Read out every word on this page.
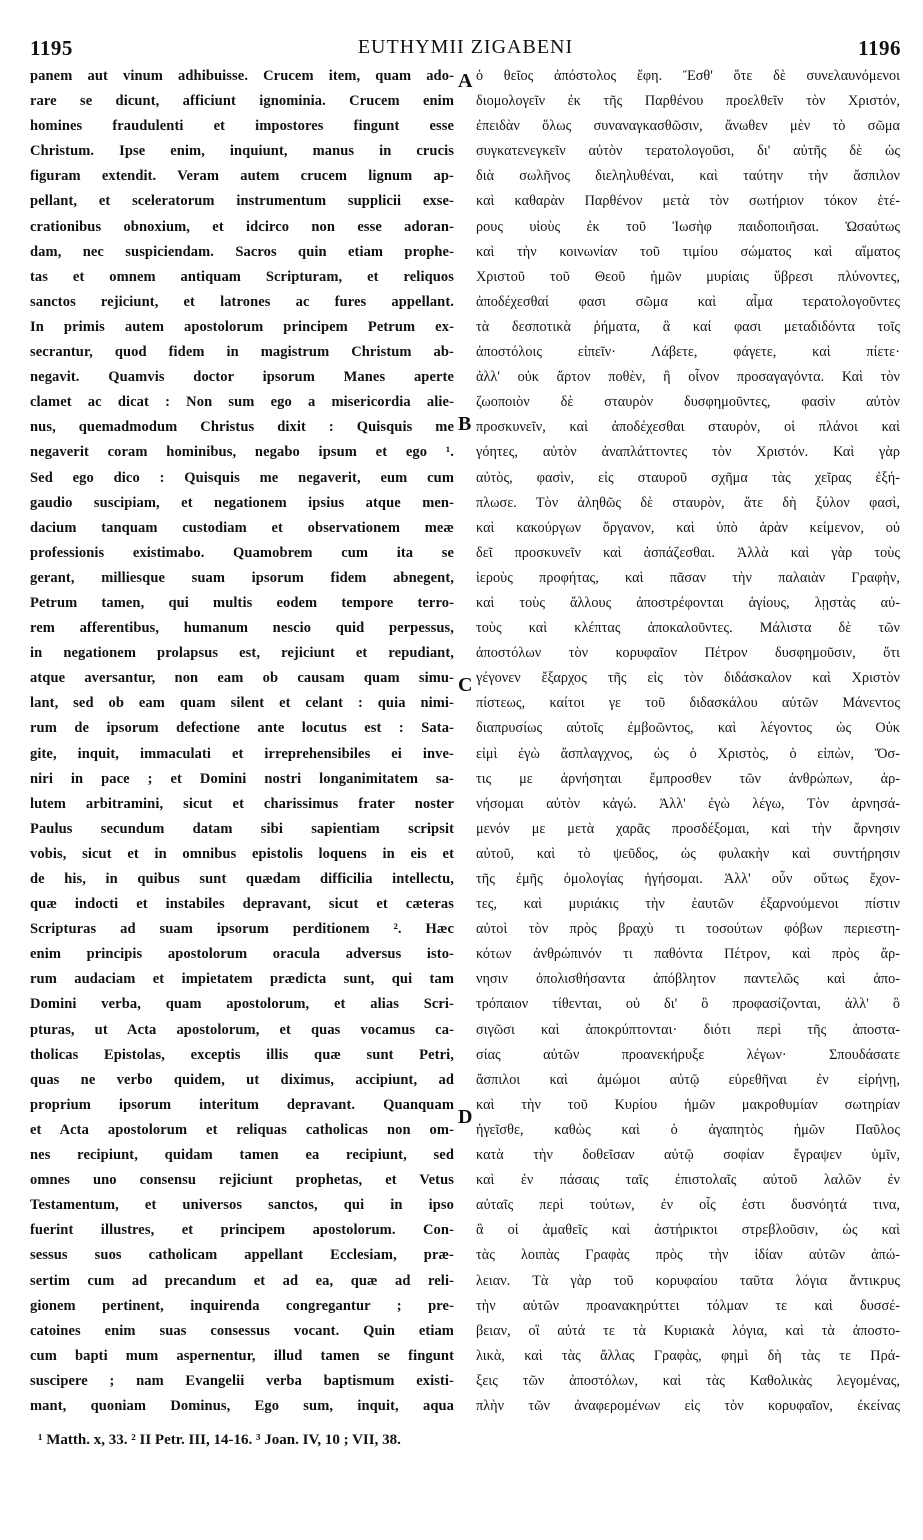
1195	EUTHYMII ZIGABENI	1196
panem aut vinum adhibuisse. Crucem item, quam ado-
rare se dicunt, afficiunt ignominia. Crucem enim
homines fraudulenti et impostores fingunt esse
Christum. Ipse enim, inquiunt, manus in crucis
figuram extendit. Veram autem crucem lignum ap-
pellant, et sceleratorum instrumentum supplicii exse-
crationibus obnoxium, et idcirco non esse adoran-
dam, nec suspiciendam. Sacros quin etiam prophe-
tas et omnem antiquam Scripturam, et reliquos
sanctos rejiciunt, et latrones ac fures appellant.
In primis autem apostolorum principem Petrum ex-
secrantur, quod fidem in magistrum Christum ab-
negavit. Quamvis doctor ipsorum Manes aperte
clamet ac dicat : Non sum ego a misericordia alie-
nus, quemadmodum Christus dixit : Quisquis me
negaverit coram hominibus, negabo ipsum et ego ¹.
Sed ego dico : Quisquis me negaverit, eum cum
gaudio suscipiam, et negationem ipsius atque men-
dacium tanquam custodiam et observationem meæ
professionis existimabo. Quamobrem cum ita se
gerant, milliesque suam ipsorum fidem abnegent,
Petrum tamen, qui multis eodem tempore terro-
rem afferentibus, humanum nescio quid perpessus,
in negationem prolapsus est, rejiciunt et repudiant,
atque aversantur, non eam ob causam quam simu-
lant, sed ob eam quam silent et celant : quia nimi-
rum de ipsorum defectione ante locutus est : Sata-
gite, inquit, immaculati et irreprehensibiles ei inve-
niri in pace ; et Domini nostri longanimitatem sa-
lutem arbitramini, sicut et charissimus frater noster
Paulus secundum datam sibi sapientiam scripsit
vobis, sicut et in omnibus epistolis loquens in eis et
de his, in quibus sunt quædam difficilia intellectu,
quæ indocti et instabiles depravant, sicut et cæteras
Scripturas ad suam ipsorum perditionem ². Hæc
enim principis apostolorum oracula adversus isto-
rum audaciam et impietatem prædicta sunt, qui tam
Domini verba, quam apostolorum, et alias Scri-
pturas, ut Acta apostolorum, et quas vocamus ca-
tholicas Epistolas, exceptis illis quæ sunt Petri,
quas ne verbo quidem, ut diximus, accipiunt, ad
proprium ipsorum interitum depravant. Quanquam
et Acta apostolorum et reliquas catholicas non om-
nes recipiunt, quidam tamen ea recipiunt, sed
omnes uno consensu rejiciunt prophetas, et Vetus
Testamentum, et universos sanctos, qui in ipso
fuerint illustres, et principem apostolorum. Con-
sessus suos catholicam appellant Ecclesiam, præ-
sertim cum ad precandum et ad ea, quæ ad reli-
gionem pertinent, inquirenda congregantur ; pre-
catoines enim suas consessus vocant. Quin etiam
cum bapti mum aspernentur, illud tamen se fingunt
suscipere ; nam Evangelii verba baptismum existi-
mant, quoniam Dominus, Ego sum, inquit, aqua
ὁ θεῖος ἀπόστολος ἔφη. Ἔσθ' ὅτε δὲ συνελαυνόμενοι
διομολογεῖν ἐκ τῆς Παρθένου προελθεῖν τὸν Χριστόν,
ἐπειδὰν ὅλως συναναγκασθῶσιν, ἄνωθεν μὲν τὸ σῶμα
συγκατενεγκεῖν αὐτὸν τερατολογοῦσι, δι' αὐτῆς δὲ ὡς
διὰ σωλῆνος διεληλυθέναι, καὶ ταύτην τὴν ἄσπιλον
καὶ καθαρὰν Παρθένον μετὰ τὸν σωτήριον τόκον ἑτέ-
ρους υἱοὺς ἐκ τοῦ Ἰωσὴφ παιδοποιῆσαι. Ὡσαύτως
καὶ τὴν κοινωνίαν τοῦ τιμίου σώματος καὶ αἵματος
Χριστοῦ τοῦ Θεοῦ ἡμῶν μυρίαις ὕβρεσι πλύνοντες,
ἀποδέχεσθαί φασι σῶμα καὶ αἷμα τερατολογοῦντες
τὰ δεσποτικὰ ῥήματα, ἃ καί φασι μεταδιδόντα τοῖς
ἀποστόλοις εἰπεῖν· Λάβετε, φάγετε, καὶ πίετε·
ἀλλ' οὐκ ἄρτον ποθὲν, ἢ οἶνον προσαγαγόντα. Καὶ τὸν
ζωοποιὸν δὲ σταυρὸν δυσφημοῦντες, φασὶν αὐτὸν
προσκυνεῖν, καὶ ἀποδέχεσθαι σταυρὸν, οἱ πλάνοι καὶ
γόητες, αὐτὸν ἀναπλάττοντες τὸν Χριστόν. Καὶ γὰρ
αὐτὸς, φασὶν, εἰς σταυροῦ σχῆμα τὰς χεῖρας ἐξή-
πλωσε. Τὸν ἀληθῶς δὲ σταυρὸν, ἅτε δὴ ξύλον φασὶ,
καὶ κακούργων ὄργανον, καὶ ὑπὸ ἀρὰν κείμενον, οὐ
δεῖ προσκυνεῖν καὶ ἀσπάζεσθαι. Ἀλλὰ καὶ γὰρ τοὺς
ἱεροὺς προφήτας, καὶ πᾶσαν τὴν παλαιὰν Γραφὴν,
καὶ τοὺς ἄλλους ἀποστρέφονται ἁγίους, λῃστὰς αὐ-
τοὺς καὶ κλέπτας ἀποκαλοῦντες. Μάλιστα δὲ τῶν
ἀποστόλων τὸν κορυφαῖον Πέτρον δυσφημοῦσιν, ὅτι
γέγονεν ἔξαρχος τῆς εἰς τὸν διδάσκαλον καὶ Χριστὸν
πίστεως, καίτοι γε τοῦ διδασκάλου αὐτῶν Μάνεντος
διαπρυσίως αὐτοῖς ἐμβοῶντος, καὶ λέγοντος ὡς Οὐκ
εἰμὶ ἐγὼ ἄσπλαγχνος, ὡς ὁ Χριστὸς, ὁ εἰπὼν, Ὅσ-
τις με ἀρνήσηται ἔμπροσθεν τῶν ἀνθρώπων, ἀρ-
νήσομαι αὐτὸν κἀγώ. Ἀλλ' ἐγὼ λέγω, Τὸν ἀρνησά-
μενόν με μετὰ χαρᾶς προσδέξομαι, καὶ τὴν ἄρνησιν
αὐτοῦ, καὶ τὸ ψεῦδος, ὡς φυλακὴν καὶ συντήρησιν
τῆς ἐμῆς ὁμολογίας ἡγήσομαι. Ἀλλ' οὖν οὕτως ἔχον-
τες, καὶ μυριάκις τὴν ἑαυτῶν ἐξαρνούμενοι πίστιν
αὐτοὶ τὸν πρὸς βραχὺ τι τοσούτων φόβων περιεστη-
κότων ἀνθρώπινόν τι παθόντα Πέτρον, καὶ πρὸς ἄρ-
νησιν ὀπολισθήσαντα ἀπόβλητον παντελῶς καὶ ἀπο-
τρόπαιον τίθενται, οὐ δι' ὃ προφασίζονται, ἀλλ' ὃ
σιγῶσι καὶ ἀποκρύπτονται· διότι περὶ τῆς ἀποστα-
σίας αὐτῶν προανεκήρυξε λέγων· Σπουδάσατε
ἄσπιλοι καὶ ἀμώμοι αὐτῷ εὑρεθῆναι ἐν εἰρήνῃ,
καὶ τὴν τοῦ Κυρίου ἡμῶν μακροθυμίαν σωτηρίαν
ἡγεῖσθε, καθὼς καὶ ὁ ἀγαπητὸς ἡμῶν Παῦλος
κατὰ τὴν δοθεῖσαν αὐτῷ σοφίαν ἔγραψεν ὑμῖν,
καὶ ἐν πάσαις ταῖς ἐπιστολαῖς αὐτοῦ λαλῶν ἐν
αὐταῖς περὶ τούτων, ἐν οἷς ἐστι δυσνόητά τινα,
ἃ οἱ ἀμαθεῖς καὶ ἀστήρικτοι στρεβλοῦσιν, ὡς καὶ
τὰς λοιπὰς Γραφὰς πρὸς τὴν ἰδίαν αὐτῶν ἀπώ-
λειαν. Τὰ γὰρ τοῦ κορυφαίου ταῦτα λόγια ἄντικρυς
τὴν αὐτῶν προανακηρύττει τόλμαν τε καὶ δυσσέ-
βειαν, οἳ αὐτά τε τὰ Κυριακὰ λόγια, καὶ τὰ ἀποστο-
λικὰ, καὶ τὰς ἄλλας Γραφὰς, φημὶ δὴ τὰς τε Πρά-
ξεις τῶν ἀποστόλων, καὶ τὰς Καθολικὰς λεγομένας,
πλὴν τῶν ἀναφερομένων εἰς τὸν κορυφαῖον, ἐκείνας
A
B
C
D
¹ Matth. x, 33. ² II Petr. III, 14-16. ³ Joan. IV, 10 ; VII, 38.
